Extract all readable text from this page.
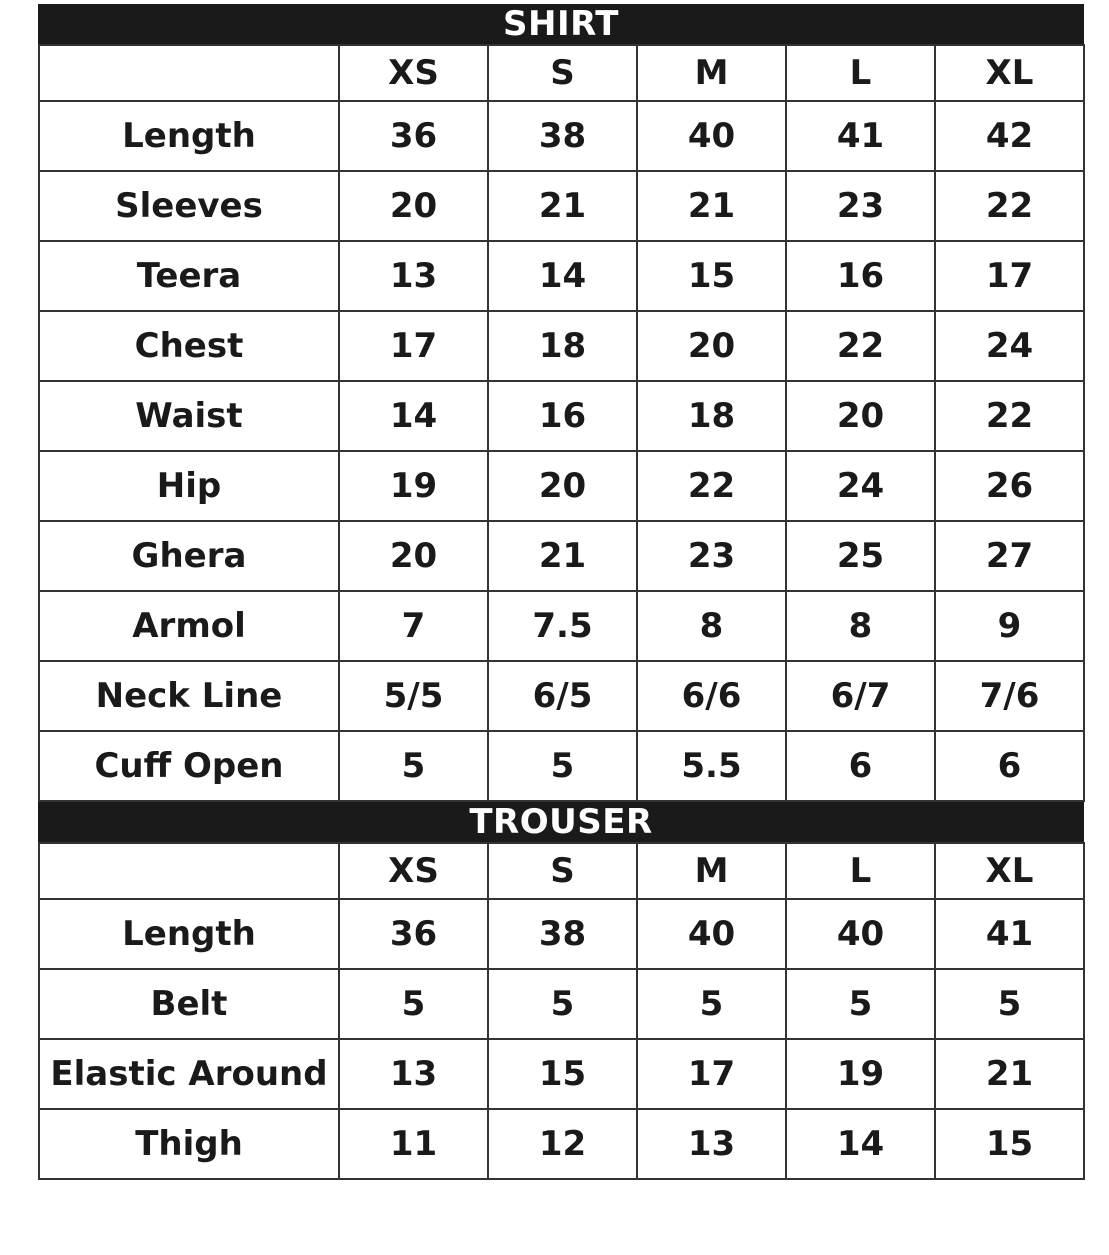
SHIRT
	XS	S	M	L	XL
Length	36	38	40	41	42
Sleeves	20	21	21	23	22
Teera	13	14	15	16	17
Chest	17	18	20	22	24
Waist	14	16	18	20	22
Hip	19	20	22	24	26
Ghera	20	21	23	25	27
Armol	7	7.5	8	8	9
Neck Line	5/5	6/5	6/6	6/7	7/6
Cuff Open	5	5	5.5	6	6
TROUSER
	XS	S	M	L	XL
Length	36	38	40	40	41
Belt	5	5	5	5	5
Elastic Around	13	15	17	19	21
Thigh	11	12	13	14	15
